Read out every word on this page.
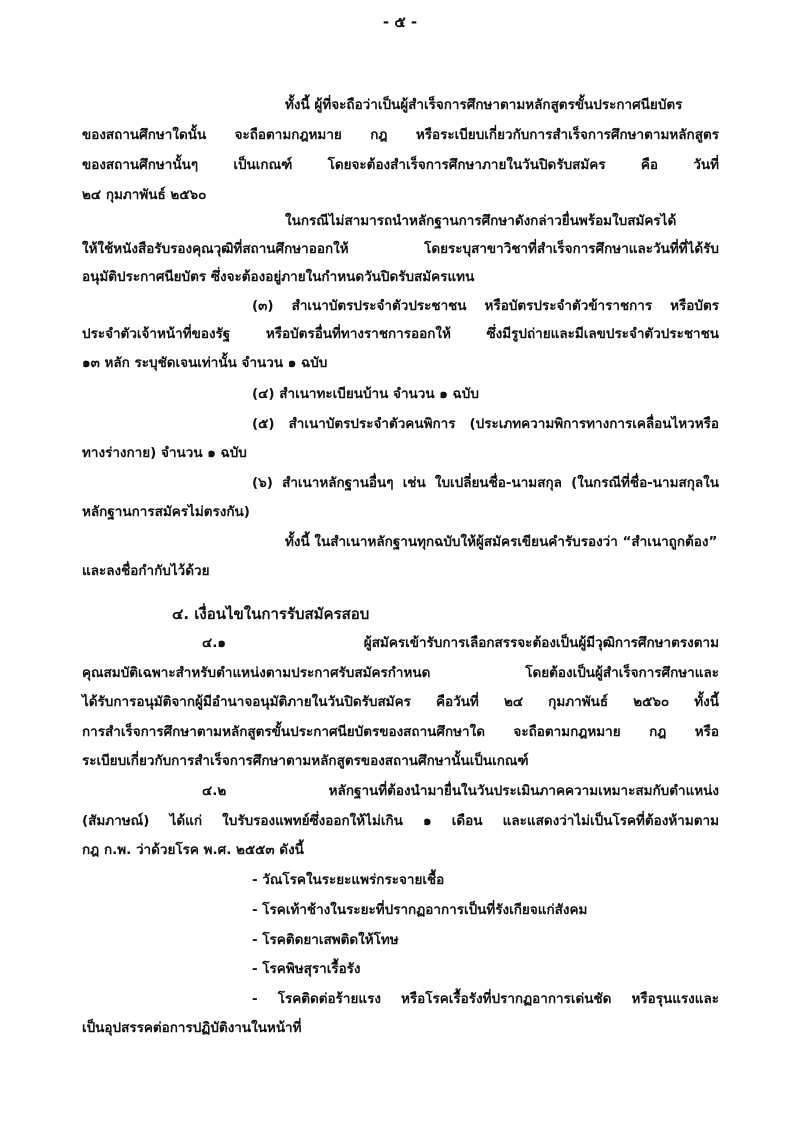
- ๕ -
ทั้งนี้ ผู้ที่จะถือว่าเป็นผู้สำเร็จการศึกษาตามหลักสูตรขั้นประกาศนียบัตร
ของสถานศึกษาใดนั้น จะถือตามกฎหมาย กฎ หรือระเบียบเกี่ยวกับการสำเร็จการศึกษาตามหลักสูตร
ของสถานศึกษานั้นๆ เป็นเกณฑ์ โดยจะต้องสำเร็จการศึกษาภายในวันปิดรับสมัคร คือ วันที่
๒๔ กุมภาพันธ์ ๒๕๖๐
ในกรณีไม่สามารถนำหลักฐานการศึกษาดังกล่าวยื่นพร้อมใบสมัครได้
ให้ใช้หนังสือรับรองคุณวุฒิที่สถานศึกษาออกให้ โดยระบุสาขาวิชาที่สำเร็จการศึกษาและวันที่ที่ได้รับ
อนุมัติประกาศนียบัตร ซึ่งจะต้องอยู่ภายในกำหนดวันปิดรับสมัครแทน
(๓) สำเนาบัตรประจำตัวประชาชน หรือบัตรประจำตัวข้าราชการ หรือบัตร
ประจำตัวเจ้าหน้าที่ของรัฐ หรือบัตรอื่นที่ทางราชการออกให้ ซึ่งมีรูปถ่ายและมีเลขประจำตัวประชาชน
๑๓ หลัก ระบุชัดเจนเท่านั้น จำนวน ๑ ฉบับ
(๔) สำเนาทะเบียนบ้าน จำนวน ๑ ฉบับ
(๕) สำเนาบัตรประจำตัวคนพิการ (ประเภทความพิการทางการเคลื่อนไหวหรือ
ทางร่างกาย) จำนวน ๑ ฉบับ
(๖) สำเนาหลักฐานอื่นๆ เช่น ใบเปลี่ยนชื่อ-นามสกุล (ในกรณีที่ชื่อ-นามสกุลใน
หลักฐานการสมัครไม่ตรงกัน)
ทั้งนี้ ในสำเนาหลักฐานทุกฉบับให้ผู้สมัครเขียนคำรับรองว่า “สำเนาถูกต้อง”
และลงชื่อกำกับไว้ด้วย
๔. เงื่อนไขในการรับสมัครสอบ
๔.๑ ผู้สมัครเข้ารับการเลือกสรรจะต้องเป็นผู้มีวุฒิการศึกษาตรงตาม
คุณสมบัติเฉพาะสำหรับตำแหน่งตามประกาศรับสมัครกำหนด โดยต้องเป็นผู้สำเร็จการศึกษาและ
ได้รับการอนุมัติจากผู้มีอำนาจอนุมัติภายในวันปิดรับสมัคร คือวันที่ ๒๔ กุมภาพันธ์ ๒๕๖๐ ทั้งนี้
การสำเร็จการศึกษาตามหลักสูตรขั้นประกาศนียบัตรของสถานศึกษาใด จะถือตามกฎหมาย กฎ หรือ
ระเบียบเกี่ยวกับการสำเร็จการศึกษาตามหลักสูตรของสถานศึกษานั้นเป็นเกณฑ์
๔.๒ หลักฐานที่ต้องนำมายื่นในวันประเมินภาคความเหมาะสมกับตำแหน่ง
(สัมภาษณ์) ได้แก่ ใบรับรองแพทย์ซึ่งออกให้ไม่เกิน ๑ เดือน และแสดงว่าไม่เป็นโรคที่ต้องห้ามตาม
กฎ ก.พ. ว่าด้วยโรค พ.ศ. ๒๕๕๓ ดังนี้
- วัณโรคในระยะแพร่กระจายเชื้อ
- โรคเท้าช้างในระยะที่ปรากฏอาการเป็นที่รังเกียจแก่สังคม
- โรคติดยาเสพติดให้โทษ
- โรคพิษสุราเรื้อรัง
- โรคติดต่อร้ายแรง หรือโรคเรื้อรังที่ปรากฏอาการเด่นชัด หรือรุนแรงและ
เป็นอุปสรรคต่อการปฏิบัติงานในหน้าที่
